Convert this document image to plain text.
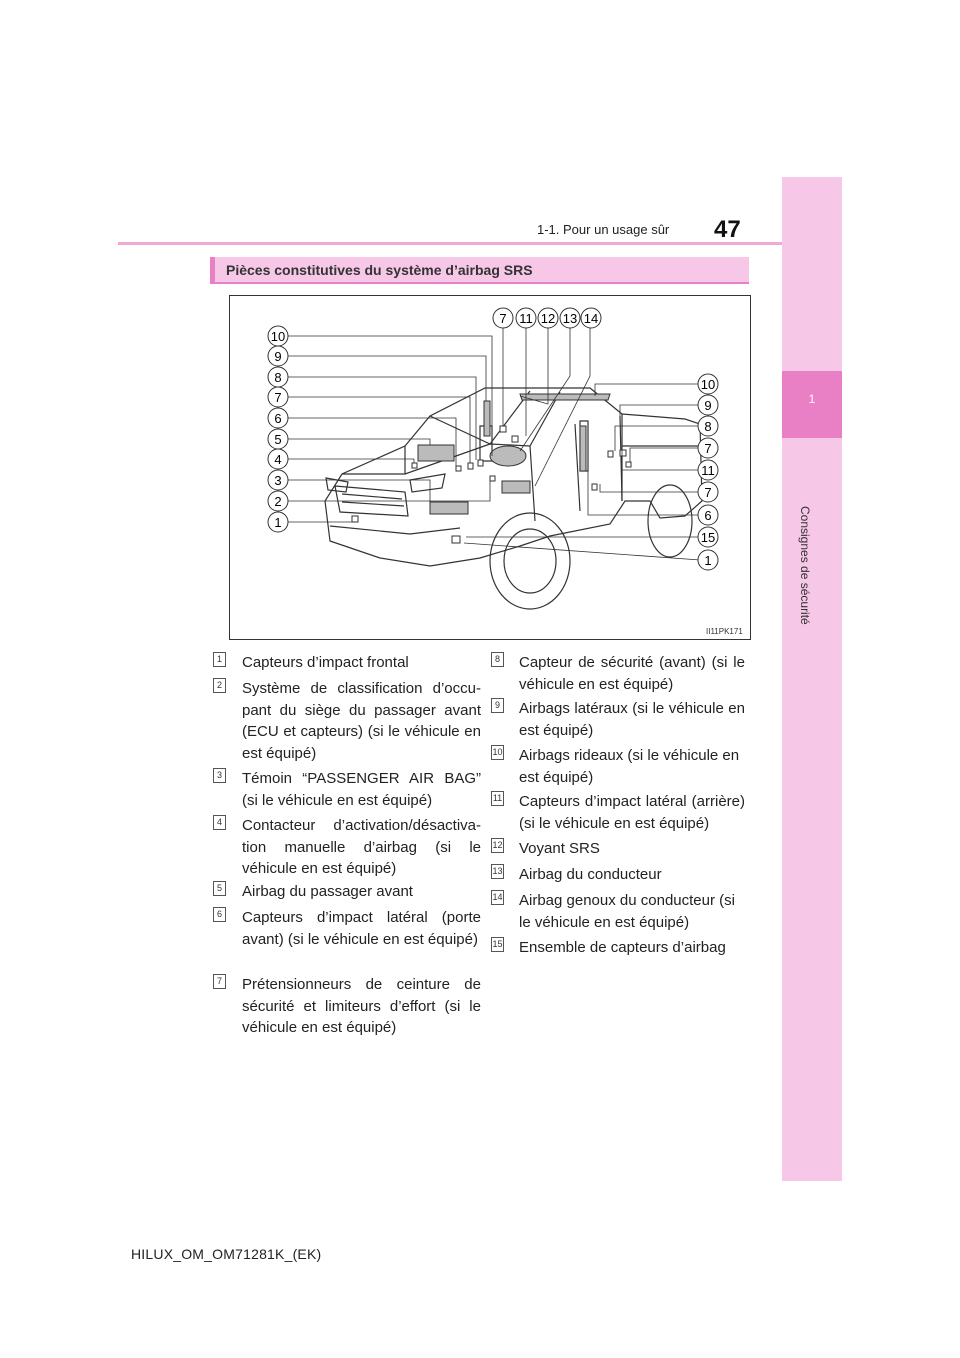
1-1. Pour un usage sûr 47
1
Consignes de sécurité
Pièces constitutives du système d’airbag SRS
7 11 12 13 14
10
9
8
7
6
5
4
3
2
1
10
9
8
7
11
7
6
15
1
II11PK171
1 Capteurs d’impact frontal
2 Système de classification d’occu-pant du siège du passager avant (ECU et capteurs) (si le véhicule en est équipé)
3 Témoin “PASSENGER AIR BAG” (si le véhicule en est équipé)
4 Contacteur d’activation/désactiva-tion manuelle d’airbag (si le véhicule en est équipé)
5 Airbag du passager avant
6 Capteurs d’impact latéral (porte avant) (si le véhicule en est équipé)
7 Prétensionneurs de ceinture de sécurité et limiteurs d’effort (si le véhicule en est équipé)
8 Capteur de sécurité (avant) (si le véhicule en est équipé)
9 Airbags latéraux (si le véhicule en est équipé)
10 Airbags rideaux (si le véhicule en est équipé)
11 Capteurs d’impact latéral (arrière) (si le véhicule en est équipé)
12 Voyant SRS
13 Airbag du conducteur
14 Airbag genoux du conducteur (si le véhicule en est équipé)
15 Ensemble de capteurs d’airbag
HILUX_OM_OM71281K_(EK)
